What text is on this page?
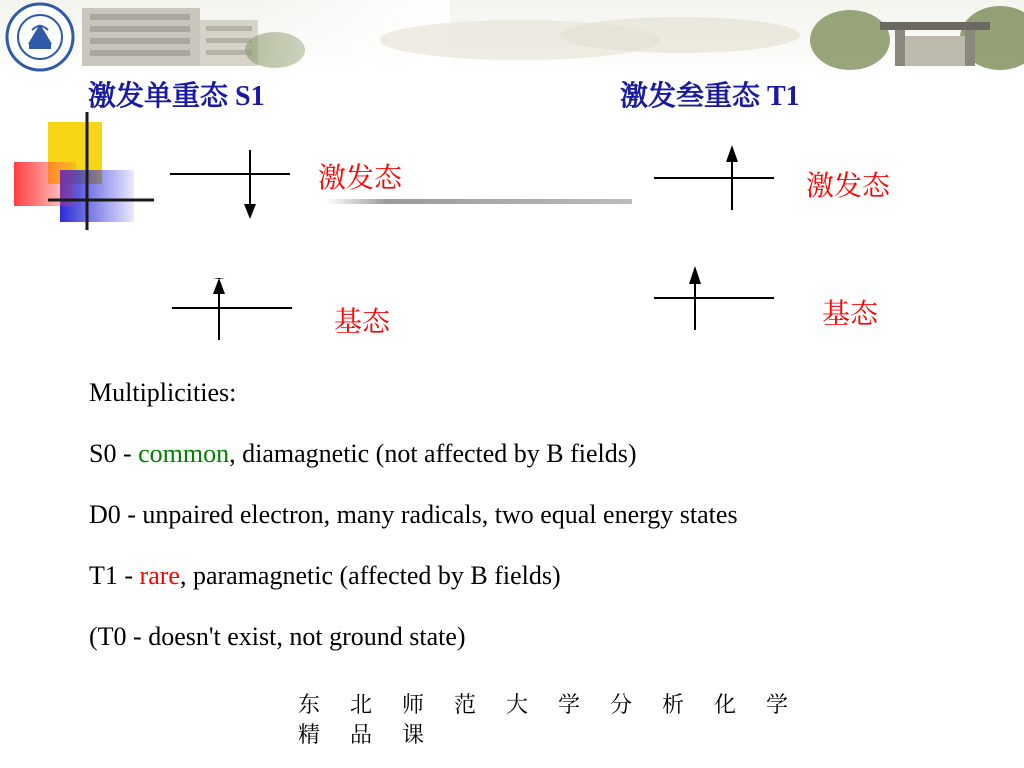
激发单重态 S1	激发叁重态 T1
激发态
基态
激发态
基态
Multiplicities:
S0 - common, diamagnetic (not affected by B fields)
D0 - unpaired electron, many radicals, two equal energy states
T1 - rare, paramagnetic (affected by B fields)
(T0 - doesn't exist, not ground state)
东 北 师 范 大 学 分 析 化 学
精 品 课
